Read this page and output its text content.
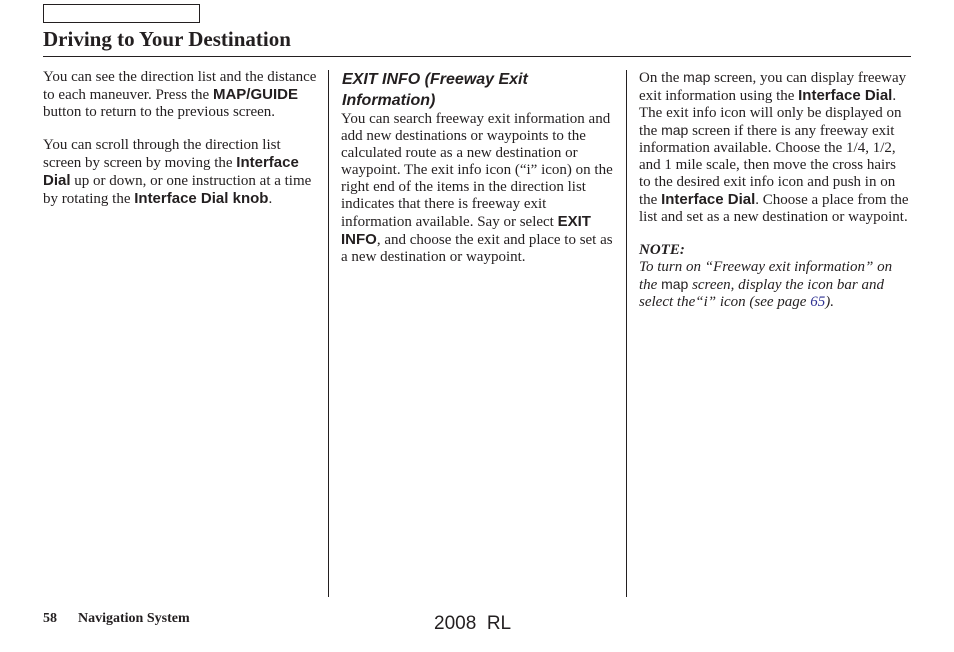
Driving to Your Destination

You can see the direction list and the distance to each maneuver. Press the MAP/GUIDE button to return to the previous screen.

You can scroll through the direction list screen by screen by moving the Interface Dial up or down, or one instruction at a time by rotating the Interface Dial knob.

EXIT INFO (Freeway Exit Information)

You can search freeway exit information and add new destinations or waypoints to the calculated route as a new destination or waypoint. The exit info icon (“i” icon) on the right end of the items in the direction list indicates that there is freeway exit information available. Say or select EXIT INFO, and choose the exit and place to set as a new destination or waypoint.

On the map screen, you can display freeway exit information using the Interface Dial. The exit info icon will only be displayed on the map screen if there is any freeway exit information available. Choose the 1/4, 1/2, and 1 mile scale, then move the cross hairs to the desired exit info icon and push in on the Interface Dial. Choose a place from the list and set as a new destination or waypoint.

NOTE:
To turn on “Freeway exit information” on the map screen, display the icon bar and select the“i” icon (see page 65).

58 Navigation System	2008  RL
